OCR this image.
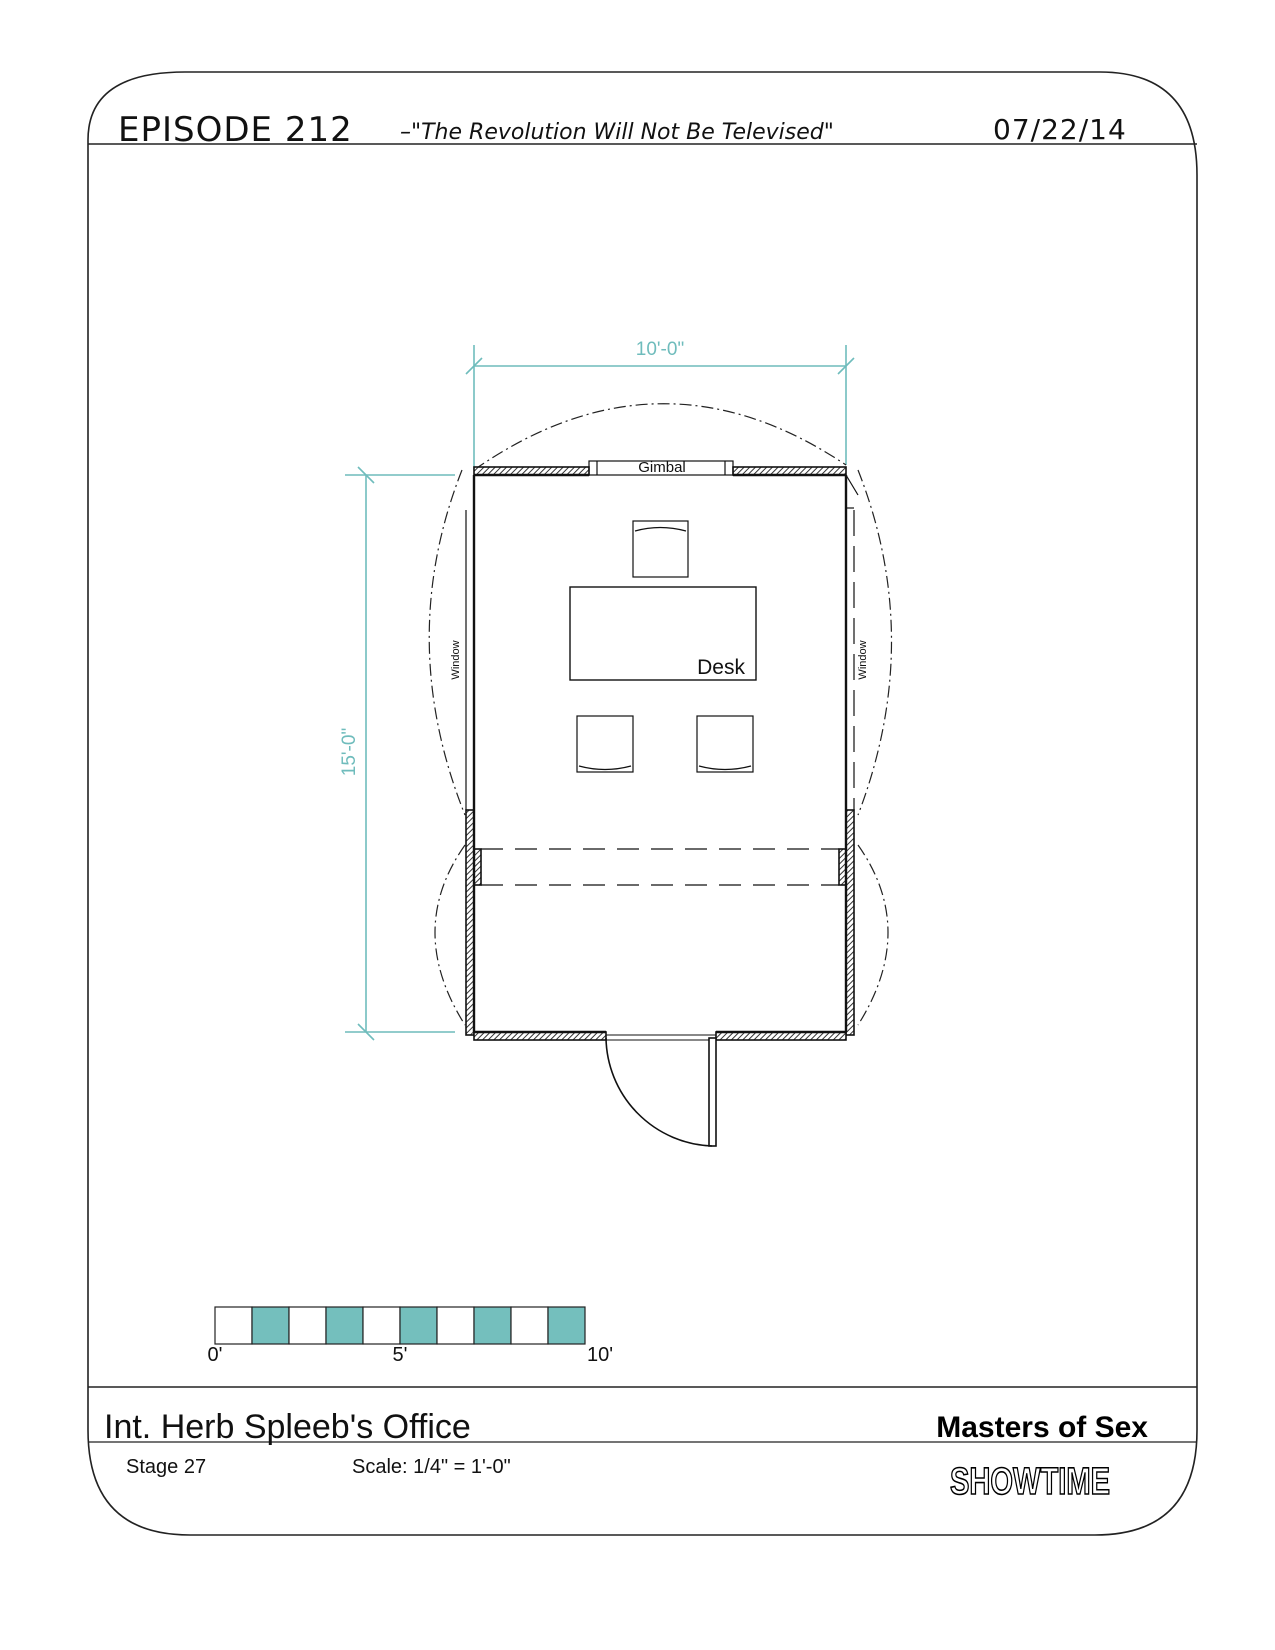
EPISODE 212 –"The Revolution Will Not Be Televised"	07/22/14
10'-0"
15'-0"
Gimbal
Window	Window
Desk
0'	5'	10'
Int. Herb Spleeb's Office
Stage 27	Scale: 1/4" = 1'-0"
Masters of Sex
SHOWTIME
